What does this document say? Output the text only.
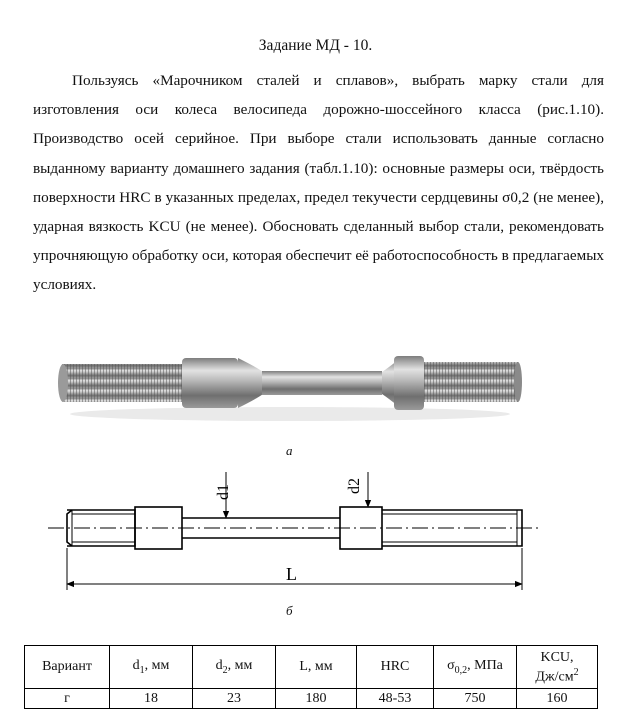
Задание МД - 10.

Пользуясь «Марочником сталей и сплавов», выбрать марку стали для изготовления оси колеса велосипеда дорожно-шоссейного класса (рис.1.10). Производство осей серийное. При выборе стали использовать данные согласно выданному варианту домашнего задания (табл.1.10): основные размеры оси, твёрдость поверхности HRC в указанных пределах, предел текучести сердцевины σ0,2 (не менее), ударная вязкость KCU (не менее). Обосновать сделанный выбор стали, рекомендовать упрочняющую обработку оси, которая обеспечит её работоспособность в предлагаемых условиях.

а
d1	d2
L
б
Вариант	$d_1$, мм	$d_2$, мм	L, мм	HRC	$\sigma_{0,2}$, МПа	KCU,
$Дж/см^2$
г	18	23	180	48-53	750	160
